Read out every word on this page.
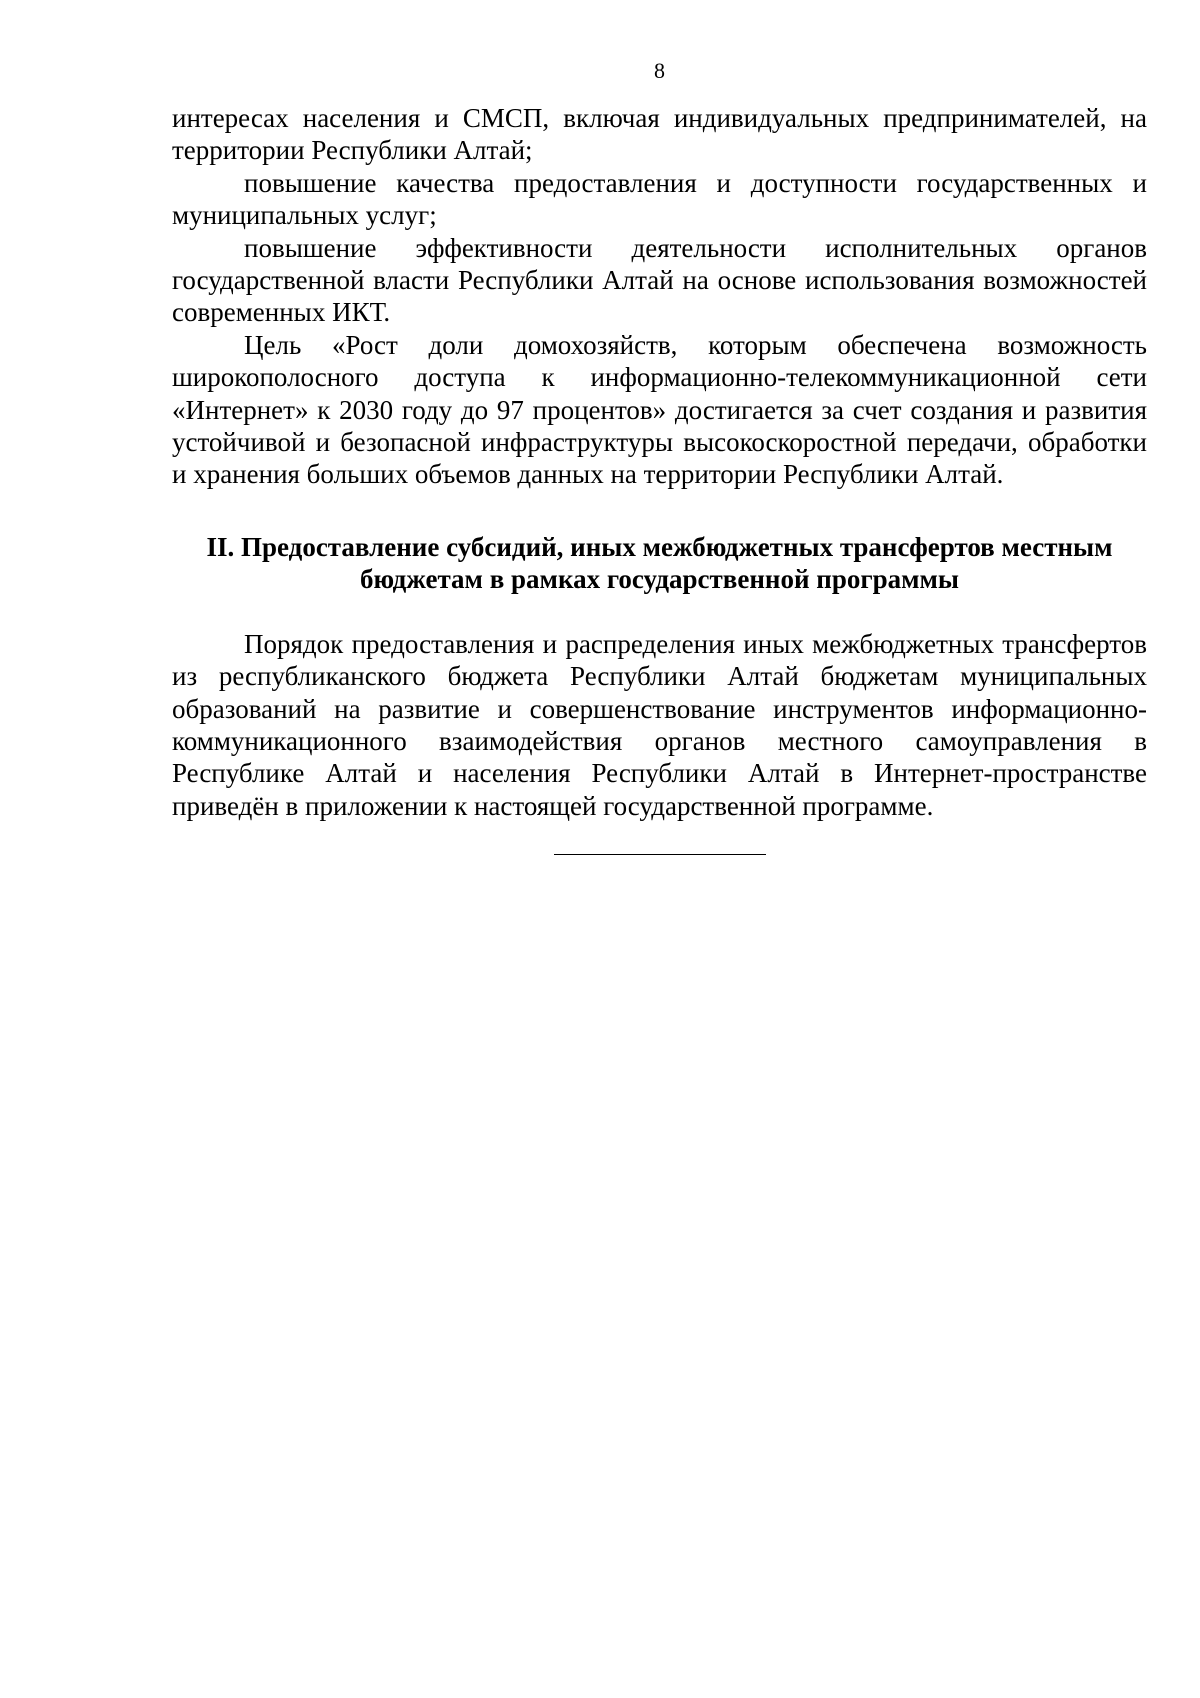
8

интересах населения и СМСП, включая индивидуальных предпринимателей, на территории Республики Алтай;

повышение качества предоставления и доступности государственных и муниципальных услуг;

повышение эффективности деятельности исполнительных органов государственной власти Республики Алтай на основе использования возможностей современных ИКТ.

Цель «Рост доли домохозяйств, которым обеспечена возможность широкополосного доступа к информационно-телекоммуникационной сети «Интернет» к 2030 году до 97 процентов» достигается за счет создания и развития устойчивой и безопасной инфраструктуры высокоскоростной передачи, обработки и хранения больших объемов данных на территории Республики Алтай.

II. Предоставление субсидий, иных межбюджетных трансфертов местным бюджетам в рамках государственной программы

Порядок предоставления и распределения иных межбюджетных трансфертов из республиканского бюджета Республики Алтай бюджетам муниципальных образований на развитие и совершенствование инструментов информационно-коммуникационного взаимодействия органов местного самоуправления в Республике Алтай и населения Республики Алтай в Интернет-пространстве приведён в приложении к настоящей государственной программе.
